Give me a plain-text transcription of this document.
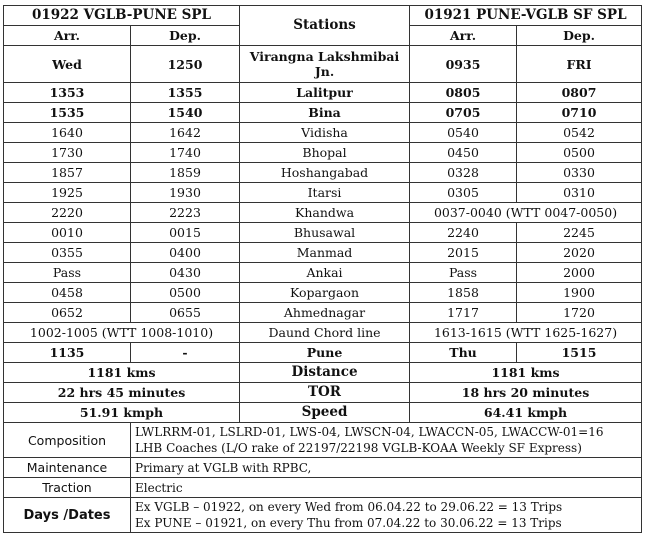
01922 VGLB-PUNE SPL		Stations	01921 PUNE-VGLB SF SPL	
Arr.	Dep.		Arr.	Dep.
Wed	1250	Virangna Lakshmibai Jn.	0935	FRI
1353	1355	Lalitpur	0805	0807
1535	1540	Bina	0705	0710
1640	1642	Vidisha	0540	0542
1730	1740	Bhopal	0450	0500
1857	1859	Hoshangabad	0328	0330
1925	1930	Itarsi	0305	0310
2220	2223	Khandwa	0037-0040 (WTT 0047-0050)	
0010	0015	Bhusawal	2240	2245
0355	0400	Manmad	2015	2020
Pass	0430	Ankai	Pass	2000
0458	0500	Kopargaon	1858	1900
0652	0655	Ahmednagar	1717	1720
1002-1005 (WTT 1008-1010)		Daund Chord line	1613-1615 (WTT 1625-1627)	
1135	-	Pune	Thu	1515
1181 kms		Distance	1181 kms	
22 hrs 45 minutes		TOR	18 hrs 20 minutes	
51.91 kmph		Speed	64.41 kmph	
Composition	LWLRRM-01, LSLRD-01, LWS-04, LWSCN-04, LWACCN-05, LWACCW-01=16
LHB Coaches (L/O rake of 22197/22198 VGLB-KOAA Weekly SF Express)			

Maintenance	Primary at VGLB with RPBC,			
Traction	Electric			
Days /Dates	Ex VGLB – 01922, on every Wed from 06.04.22 to 29.06.22 = 13 Trips
Ex PUNE – 01921, on every Thu from 07.04.22 to 30.06.22 = 13 Trips			
